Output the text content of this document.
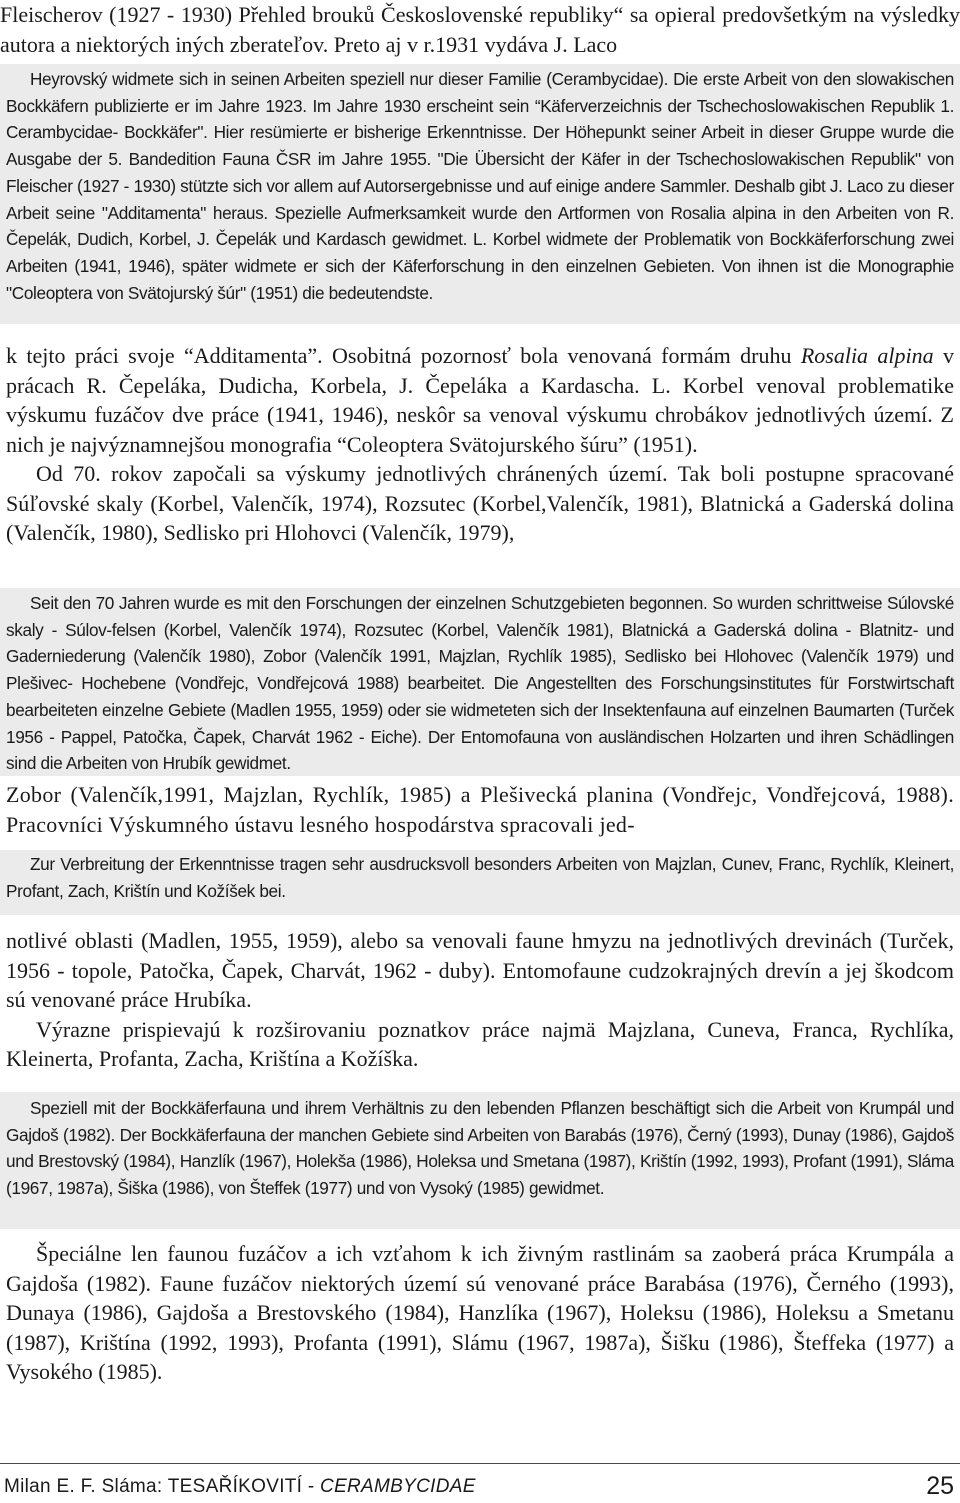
Fleischerov (1927 - 1930) Přehled brouků Československé republiky“ sa opieral predovšetkým na výsledky autora a niektorých iných zberateľov. Preto aj v r.1931 vydáva J. Laco

Heyrovský widmete sich in seinen Arbeiten speziell nur dieser Familie (Cerambycidae). Die erste Arbeit von den slowakischen Bockkäfern publizierte er im Jahre 1923. Im Jahre 1930 erscheint sein “Käferverzeichnis der Tschechoslowakischen Republik 1. Cerambycidae- Bockkäfer". Hier resümierte er bisherige Erkenntnisse. Der Höhepunkt seiner Arbeit in dieser Gruppe wurde die Ausgabe der 5. Bandedition Fauna ČSR im Jahre 1955. "Die Übersicht der Käfer in der Tschechoslowakischen Republik" von Fleischer (1927 - 1930) stützte sich vor allem auf Autorsergebnisse und auf einige andere Sammler. Deshalb gibt J. Laco zu dieser Arbeit seine "Additamenta" heraus. Spezielle Aufmerksamkeit wurde den Artformen von Rosalia alpina in den Arbeiten von R. Čepelák, Dudich, Korbel, J. Čepelák und Kardasch gewidmet. L. Korbel widmete der Problematik von Bockkäferforschung zwei Arbeiten (1941, 1946), später widmete er sich der Käferforschung in den einzelnen Gebieten. Von ihnen ist die Monographie "Coleoptera von Svätojurský šúr" (1951) die bedeutendste.

k tejto práci svoje “Additamenta”. Osobitná pozornosť bola venovaná formám druhu Rosalia alpina v prácach R. Čepeláka, Dudicha, Korbela, J. Čepeláka a Kardascha. L. Korbel venoval problematike výskumu fuzáčov dve práce (1941, 1946), neskôr sa venoval výskumu chrobákov jednotlivých území. Z nich je najvýznamnejšou monografia “Coleoptera Svätojurského šúru” (1951).

Od 70. rokov započali sa výskumy jednotlivých chránených území. Tak boli postupne spracované Súľovské skaly (Korbel, Valenčík, 1974), Rozsutec (Korbel,Valenčík, 1981), Blatnická a Gaderská dolina (Valenčík, 1980), Sedlisko pri Hlohovci (Valenčík, 1979),

Seit den 70 Jahren wurde es mit den Forschungen der einzelnen Schutzgebieten begonnen. So wurden schrittweise Súlovské skaly - Súlov-felsen (Korbel, Valenčík 1974), Rozsutec (Korbel, Valenčík 1981), Blatnická a Gaderská dolina - Blatnitz- und Gaderniederung (Valenčík 1980), Zobor (Valenčík 1991, Majzlan, Rychlík 1985), Sedlisko bei Hlohovec (Valenčík 1979) und Plešivec- Hochebene (Vondřejc, Vondřejcová 1988) bearbeitet. Die Angestellten des Forschungsinstitutes für Forstwirtschaft bearbeiteten einzelne Gebiete (Madlen 1955, 1959) oder sie widmeteten sich der Insektenfauna auf einzelnen Baumarten (Turček 1956 - Pappel, Patočka, Čapek, Charvát 1962 - Eiche). Der Entomofauna von ausländischen Holzarten und ihren Schädlingen sind die Arbeiten von Hrubík gewidmet.

Zobor (Valenčík,1991, Majzlan, Rychlík, 1985) a Plešivecká planina (Vondřejc, Vondřejcová, 1988). Pracovníci Výskumného ústavu lesného hospodárstva spracovali jed-

Zur Verbreitung der Erkenntnisse tragen sehr ausdrucksvoll besonders Arbeiten von Majzlan, Cunev, Franc, Rychlík, Kleinert, Profant, Zach, Krištín und Kožíšek bei.

notlivé oblasti (Madlen, 1955, 1959), alebo sa venovali faune hmyzu na jednotlivých drevinách (Turček, 1956 - topole, Patočka, Čapek, Charvát, 1962 - duby). Entomofaune cudzokrajných drevín a jej škodcom sú venované práce Hrubíka.

Výrazne prispievajú k rozširovaniu poznatkov práce najmä Majzlana, Cuneva, Franca, Rychlíka, Kleinerta, Profanta, Zacha, Krištína a Kožíška.

Speziell mit der Bockkäferfauna und ihrem Verhältnis zu den lebenden Pflanzen beschäftigt sich die Arbeit von Krumpál und Gajdoš (1982). Der Bockkäferfauna der manchen Gebiete sind Arbeiten von Barabás (1976), Černý (1993), Dunay (1986), Gajdoš und Brestovský (1984), Hanzlík (1967), Holekša (1986), Holeksa und Smetana (1987), Krištín (1992, 1993), Profant (1991), Sláma (1967, 1987a), Šiška (1986), von Šteffek (1977) und von Vysoký (1985) gewidmet.

Špeciálne len faunou fuzáčov a ich vzťahom k ich živným rastlinám sa zaoberá práca Krumpála a Gajdoša (1982). Faune fuzáčov niektorých území sú venované práce Barabása (1976), Černého (1993), Dunaya (1986), Gajdoša a Brestovského (1984), Hanzlíka (1967), Holeksu (1986), Holeksu a Smetanu (1987), Krištína (1992, 1993), Profanta (1991), Slámu (1967, 1987a), Šišku (1986), Šteffeka (1977) a Vysokého (1985).

Milan E. F. Sláma: TESAŘÍKOVITÍ - CERAMBYCIDAE	25
